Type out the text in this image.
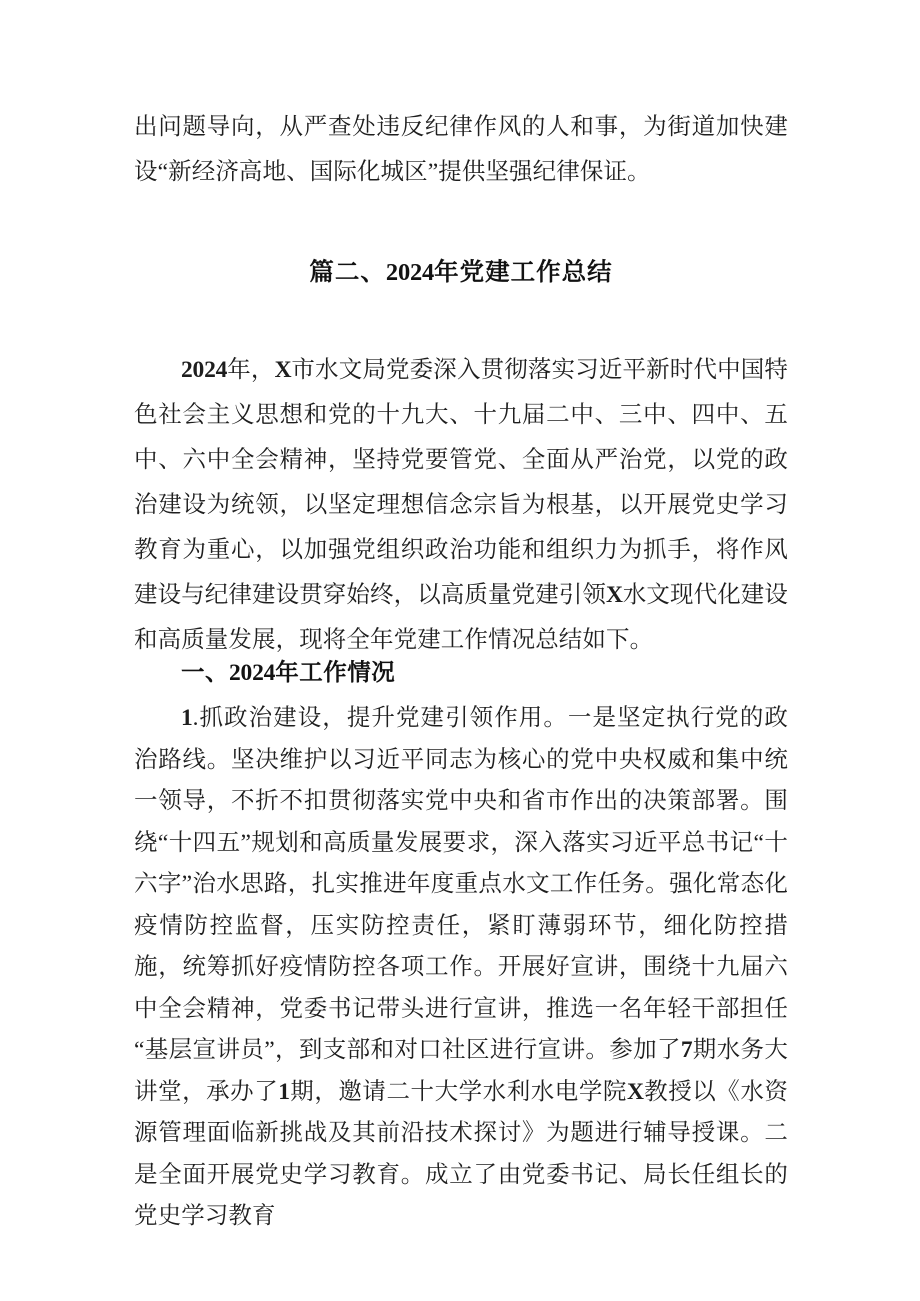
出问题导向，从严查处违反纪律作风的人和事，为街道加快建设“新经济高地、国际化城区”提供坚强纪律保证。

篇二、2024年党建工作总结

2024年，X市水文局党委深入贯彻落实习近平新时代中国特色社会主义思想和党的十九大、十九届二中、三中、四中、五中、六中全会精神，坚持党要管党、全面从严治党，以党的政治建设为统领，以坚定理想信念宗旨为根基，以开展党史学习教育为重心，以加强党组织政治功能和组织力为抓手，将作风建设与纪律建设贯穿始终，以高质量党建引领X水文现代化建设和高质量发展，现将全年党建工作情况总结如下。

一、2024年工作情况

1.抓政治建设，提升党建引领作用。一是坚定执行党的政治路线。坚决维护以习近平同志为核心的党中央权威和集中统一领导，不折不扣贯彻落实党中央和省市作出的决策部署。围绕“十四五”规划和高质量发展要求，深入落实习近平总书记“十六字”治水思路，扎实推进年度重点水文工作任务。强化常态化疫情防控监督，压实防控责任，紧盯薄弱环节，细化防控措施，统筹抓好疫情防控各项工作。开展好宣讲，围绕十九届六中全会精神，党委书记带头进行宣讲，推选一名年轻干部担任“基层宣讲员”，到支部和对口社区进行宣讲。参加了7期水务大讲堂，承办了1期，邀请二十大学水利水电学院X教授以《水资源管理面临新挑战及其前沿技术探讨》为题进行辅导授课。二是全面开展党史学习教育。成立了由党委书记、局长任组长的党史学习教育
